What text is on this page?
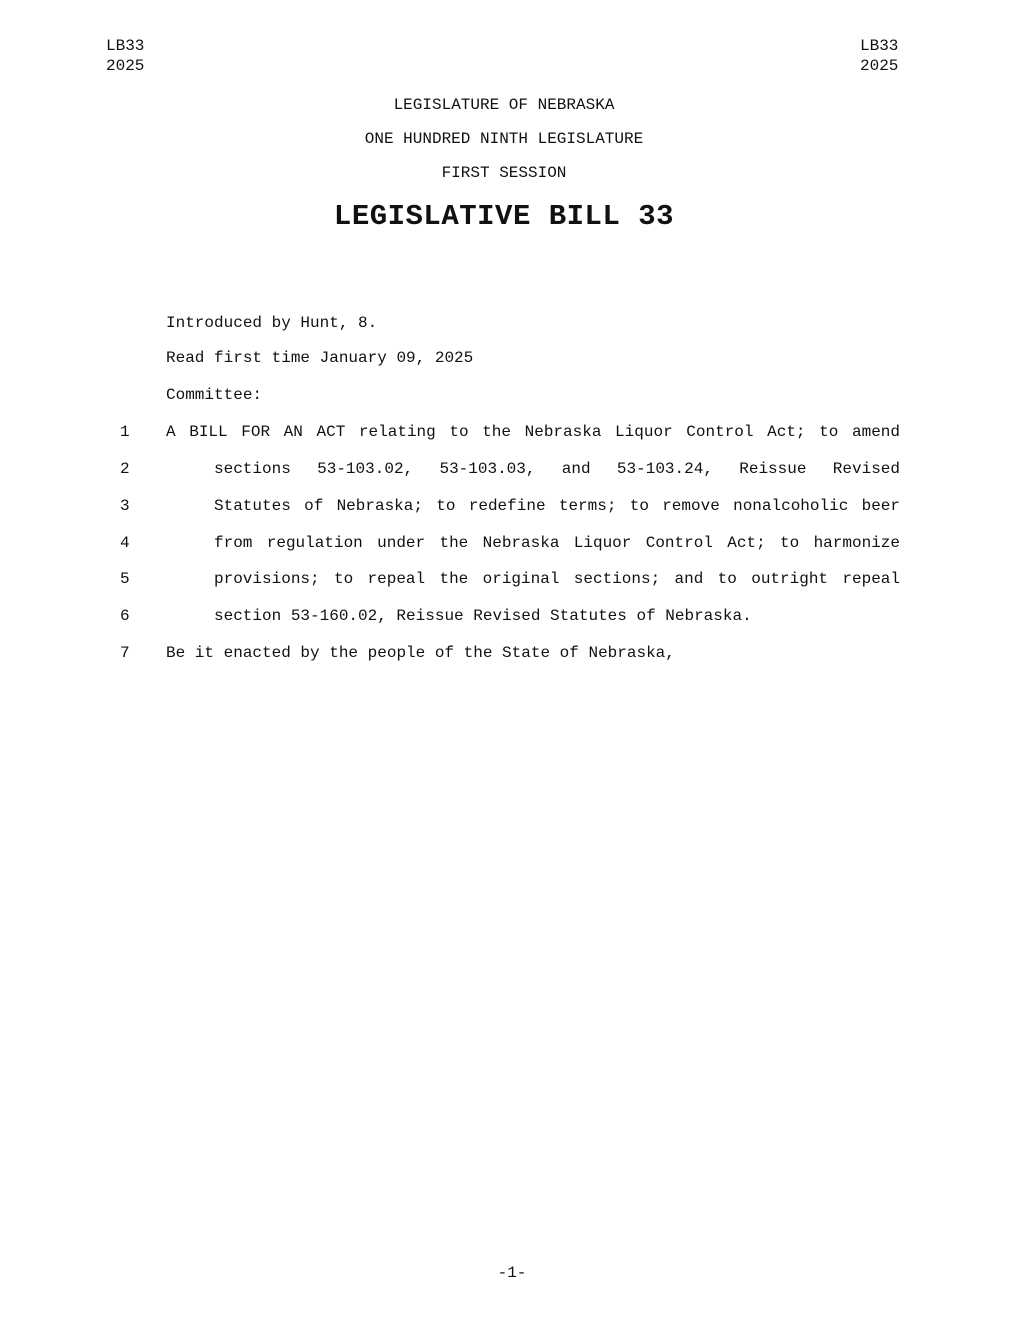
LB33
2025
LB33
2025
LEGISLATURE OF NEBRASKA
ONE HUNDRED NINTH LEGISLATURE
FIRST SESSION
LEGISLATIVE BILL 33
Introduced by Hunt, 8.
Read first time January 09, 2025
Committee:
1	A BILL FOR AN ACT relating to the Nebraska Liquor Control Act; to amend
2	sections 53-103.02, 53-103.03, and 53-103.24, Reissue Revised
3	Statutes of Nebraska; to redefine terms; to remove nonalcoholic beer
4	from regulation under the Nebraska Liquor Control Act; to harmonize
5	provisions; to repeal the original sections; and to outright repeal
6	section 53-160.02, Reissue Revised Statutes of Nebraska.
7	Be it enacted by the people of the State of Nebraska,
-1-
